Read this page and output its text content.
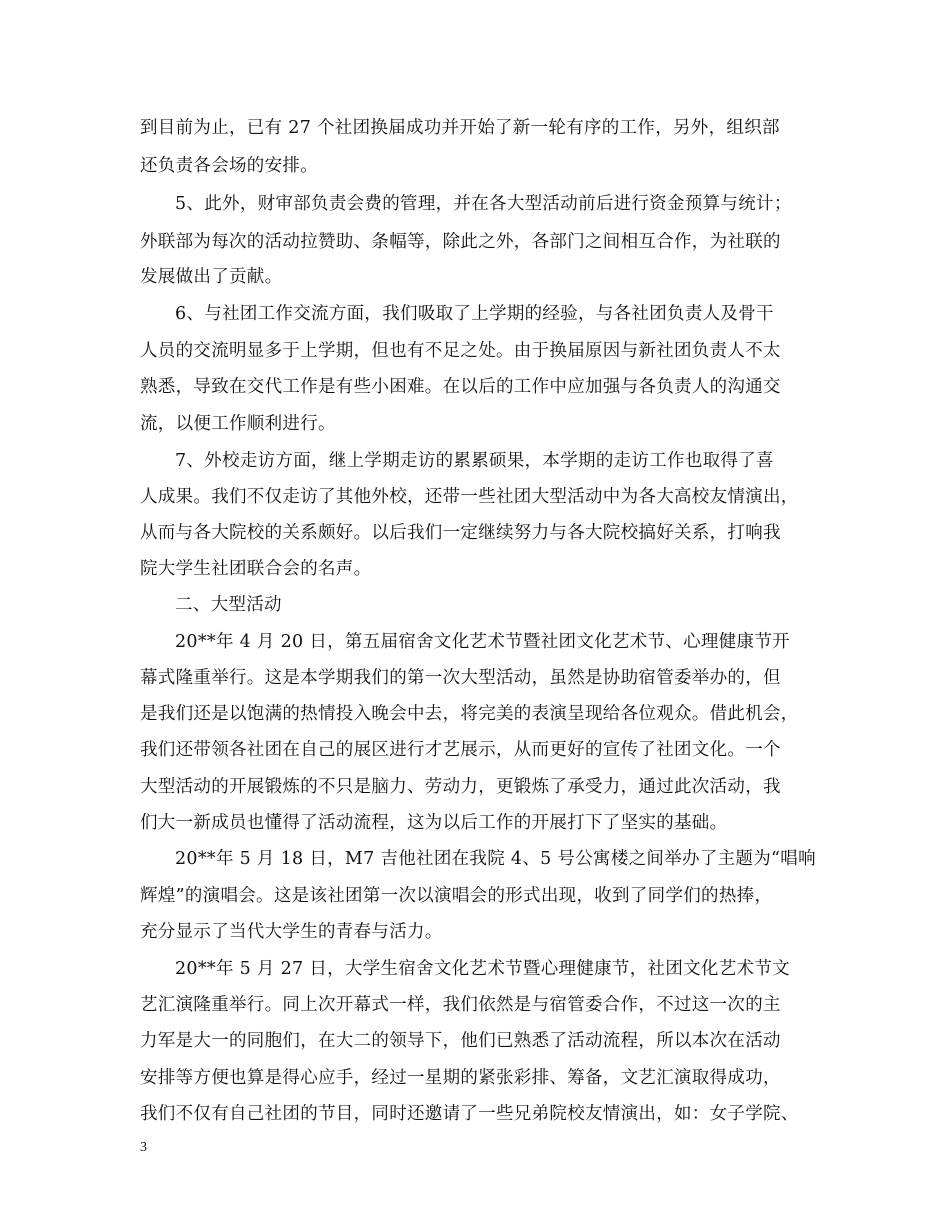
到目前为止，已有 27 个社团换届成功并开始了新一轮有序的工作，另外，组织部
还负责各会场的安排。
5、此外，财审部负责会费的管理，并在各大型活动前后进行资金预算与统计；
外联部为每次的活动拉赞助、条幅等，除此之外，各部门之间相互合作，为社联的
发展做出了贡献。
6、与社团工作交流方面，我们吸取了上学期的经验，与各社团负责人及骨干
人员的交流明显多于上学期，但也有不足之处。由于换届原因与新社团负责人不太
熟悉，导致在交代工作是有些小困难。在以后的工作中应加强与各负责人的沟通交
流，以便工作顺利进行。
7、外校走访方面，继上学期走访的累累硕果，本学期的走访工作也取得了喜
人成果。我们不仅走访了其他外校，还带一些社团大型活动中为各大高校友情演出，
从而与各大院校的关系颇好。以后我们一定继续努力与各大院校搞好关系，打响我
院大学生社团联合会的名声。
二、大型活动
20**年 4 月 20 日，第五届宿舍文化艺术节暨社团文化艺术节、心理健康节开
幕式隆重举行。这是本学期我们的第一次大型活动，虽然是协助宿管委举办的，但
是我们还是以饱满的热情投入晚会中去，将完美的表演呈现给各位观众。借此机会，
我们还带领各社团在自己的展区进行才艺展示，从而更好的宣传了社团文化。一个
大型活动的开展锻炼的不只是脑力、劳动力，更锻炼了承受力，通过此次活动，我
们大一新成员也懂得了活动流程，这为以后工作的开展打下了坚实的基础。
20**年 5 月 18 日，M7 吉他社团在我院 4、5 号公寓楼之间举办了主题为“唱响
辉煌”的演唱会。这是该社团第一次以演唱会的形式出现，收到了同学们的热捧，
充分显示了当代大学生的青春与活力。
20**年 5 月 27 日，大学生宿舍文化艺术节暨心理健康节，社团文化艺术节文
艺汇演隆重举行。同上次开幕式一样，我们依然是与宿管委合作，不过这一次的主
力军是大一的同胞们，在大二的领导下，他们已熟悉了活动流程，所以本次在活动
安排等方便也算是得心应手，经过一星期的紧张彩排、筹备，文艺汇演取得成功，
我们不仅有自己社团的节目，同时还邀请了一些兄弟院校友情演出，如：女子学院、
3
